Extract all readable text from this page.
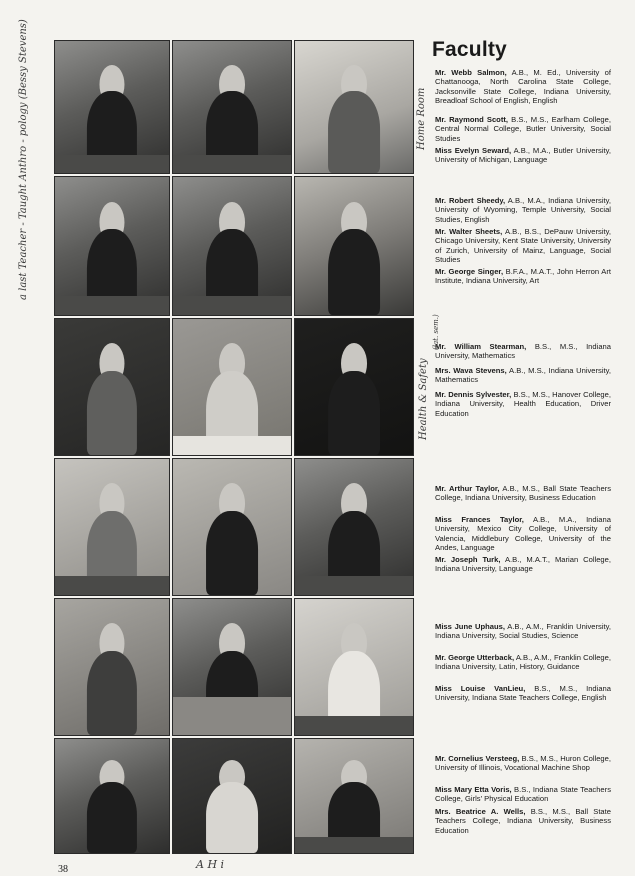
Faculty

Mr. Webb Salmon, A.B., M. Ed., University of Chattanooga, North Carolina State College, Jacksonville State College, Indiana University, Breadloaf School of English, English

Mr. Raymond Scott, B.S., M.S., Earlham College, Central Normal College, Butler University, Social Studies

Miss Evelyn Seward, A.B., M.A., Butler University, University of Michigan, Language

Mr. Robert Sheedy, A.B., M.A., Indiana University, University of Wyoming, Temple University, Social Studies, English

Mr. Walter Sheets, A.B., B.S., DePauw University, Chicago University, Kent State University, University of Zurich, University of Mainz, Language, Social Studies

Mr. George Singer, B.F.A., M.A.T., John Herron Art Institute, Indiana University, Art

Mr. William Stearman, B.S., M.S., Indiana University, Mathematics

Mrs. Wava Stevens, A.B., M.S., Indiana University, Mathematics

Mr. Dennis Sylvester, B.S., M.S., Hanover College, Indiana University, Health Education, Driver Education

Mr. Arthur Taylor, A.B., M.S., Ball State Teachers College, Indiana University, Business Education

Miss Frances Taylor, A.B., M.A., Indiana University, Mexico City College, University of Valencia, Middlebury College, University of the Andes, Language

Mr. Joseph Turk, A.B., M.A.T., Marian College, Indiana University, Language

Miss June Uphaus, A.B., A.M., Franklin University, Indiana University, Social Studies, Science

Mr. George Utterback, A.B., A.M., Franklin College, Indiana University, Latin, History, Guidance

Miss Louise VanLieu, B.S., M.S., Indiana University, Indiana State Teachers College, English

Mr. Cornelius Versteeg, B.S., M.S., Huron College, University of Illinois, Vocational Machine Shop

Miss Mary Etta Voris, B.S., Indiana State Teachers College, Girls' Physical Education

Mrs. Beatrice A. Wells, B.S., M.S., Ball State Teachers College, Indiana University, Business Education

a last Teacher - Taught Anthro - pology (Bessy Stevens)	Home Room
Health & Safety
(lat. sem.)
A H i
38
